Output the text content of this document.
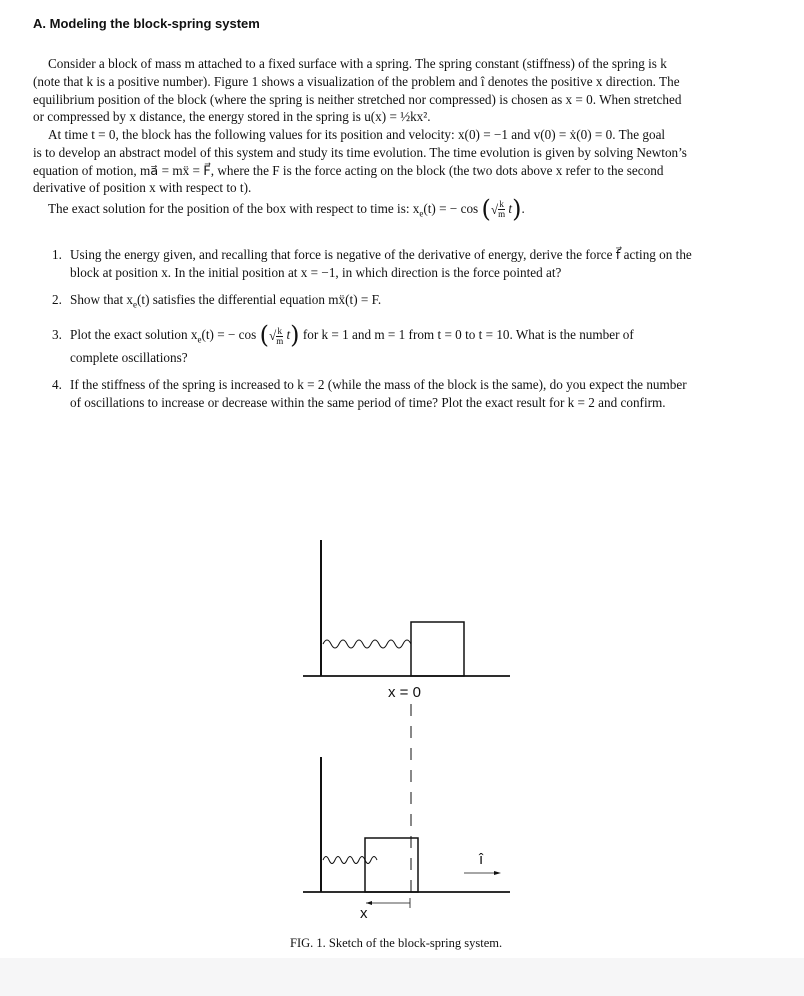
A. Modeling the block-spring system
Consider a block of mass m attached to a fixed surface with a spring. The spring constant (stiffness) of the spring is k
(note that k is a positive number). Figure 1 shows a visualization of the problem and î denotes the positive x direction. The
equilibrium position of the block (where the spring is neither stretched nor compressed) is chosen as x = 0. When stretched
or compressed by x distance, the energy stored in the spring is u(x) = ½kx².
At time t = 0, the block has the following values for its position and velocity: x(0) = −1 and v(0) = ẋ(0) = 0. The goal
is to develop an abstract model of this system and study its time evolution. The time evolution is given by solving Newton’s
equation of motion, ma⃗ = mẍ = F⃗, where the F is the force acting on the block (the two dots above x refer to the second
derivative of position x with respect to t).
The exact solution for the position of the box with respect to time is: $x_e(t)$ = − cos (√ $\frac{k}{m} t$).
1. Using the energy given, and recalling that force is negative of the derivative of energy, derive the force f⃗ acting on the
block at position x. In the initial position at x = −1, in which direction is the force pointed at?
2. Show that $x_e(t)$ satisfies the differential equation mẍ(t) = F.
3. Plot the exact solution $x_e(t)$ = − cos (√ $\frac{k}{m} t$) for k = 1 and m = 1 from t = 0 to t = 10. What is the number of
complete oscillations?
4. If the stiffness of the spring is increased to k = 2 (while the mass of the block is the same), do you expect the number
of oscillations to increase or decrease within the same period of time? Plot the exact result for k = 2 and confirm.
x = 0
x
î
FIG. 1. Sketch of the block-spring system.
